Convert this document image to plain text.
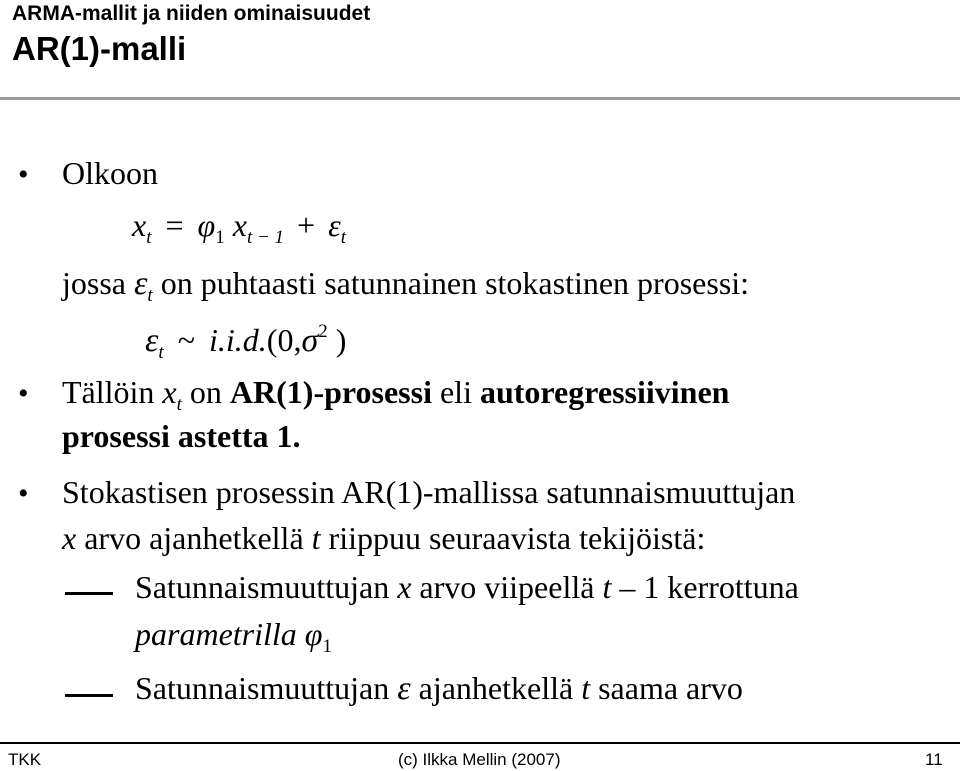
ARMA-mallit ja niiden ominaisuudet
AR(1)-malli
• Olkoon
$x_t = \varphi_1$ $x_{t - 1} + \varepsilon_t$
jossa $\varepsilon_t$ on puhtaasti satunnainen stokastinen prosessi:
$\varepsilon_t$ ~ $i.i.d.(0,\sigma^2$ )
• Tällöin $x_t$ on AR(1)-prosessi eli autoregressiivinen
prosessi astetta 1.
• Stokastisen prosessin AR(1)-mallissa satunnaismuuttujan
x arvo ajanhetkellä t riippuu seuraavista tekijöistä:
Satunnaismuuttujan x arvo viipeellä t – 1 kerrottuna
parametrilla $\varphi_1$
Satunnaismuuttujan ε ajanhetkellä t saama arvo
TKK	(c) Ilkka Mellin (2007)	11
